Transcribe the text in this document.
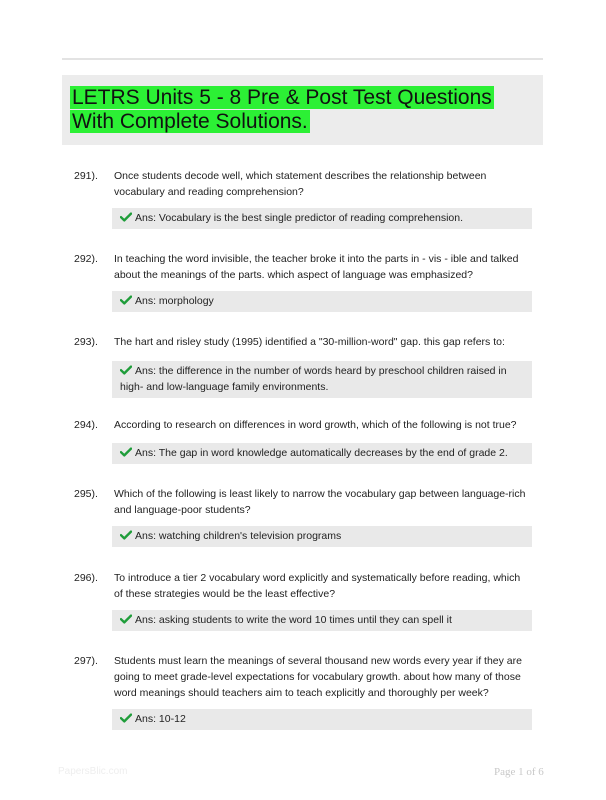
LETRS Units 5 - 8 Pre & Post Test Questions With Complete Solutions.
291). Once students decode well, which statement describes the relationship between vocabulary and reading comprehension?
Ans: Vocabulary is the best single predictor of reading comprehension.
292). In teaching the word invisible, the teacher broke it into the parts in - vis - ible and talked about the meanings of the parts. which aspect of language was emphasized?
Ans: morphology
293). The hart and risley study (1995) identified a "30-million-word" gap. this gap refers to:
Ans: the difference in the number of words heard by preschool children raised in high- and low-language family environments.
294). According to research on differences in word growth, which of the following is not true?
Ans: The gap in word knowledge automatically decreases by the end of grade 2.
295). Which of the following is least likely to narrow the vocabulary gap between language-rich and language-poor students?
Ans: watching children's television programs
296). To introduce a tier 2 vocabulary word explicitly and systematically before reading, which of these strategies would be the least effective?
Ans: asking students to write the word 10 times until they can spell it
297). Students must learn the meanings of several thousand new words every year if they are going to meet grade-level expectations for vocabulary growth. about how many of those word meanings should teachers aim to teach explicitly and thoroughly per week?
Ans: 10-12
PapersBlic.com	Page 1 of 6
